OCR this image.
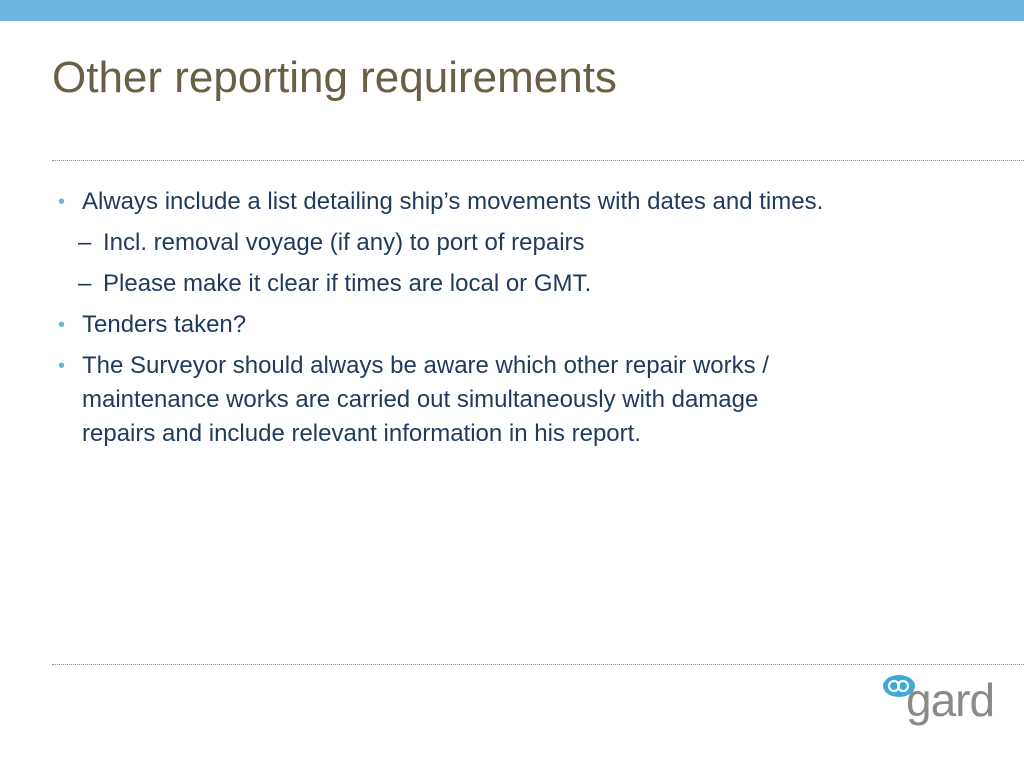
Other reporting requirements
• Always include a list detailing ship’s movements with dates and times.
– Incl. removal voyage (if any) to port of repairs
– Please make it clear if times are local or GMT.
• Tenders taken?
• The Surveyor should always be aware which other repair works /
maintenance works are carried out simultaneously with damage
repairs and include relevant information in his report.
gard
